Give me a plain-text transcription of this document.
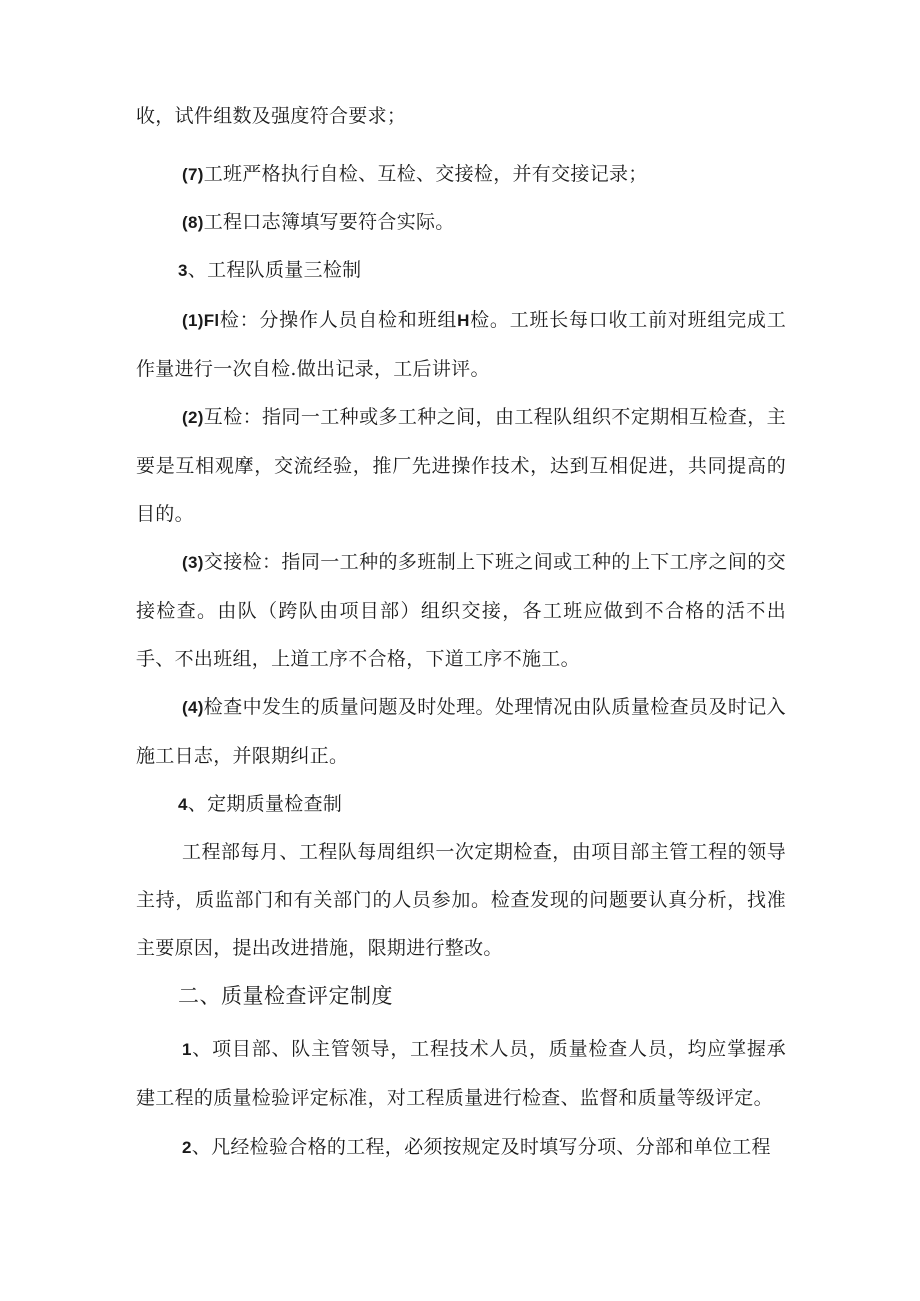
收，试件组数及强度符合要求；

(7)工班严格执行自检、互检、交接检，并有交接记录；

(8)工程口志簿填写要符合实际。

3、工程队质量三检制

(1)Fl检：分操作人员自检和班组H检。工班长每口收工前对班组完成工作量进行一次自检.做出记录，工后讲评。

(2)互检：指同一工种或多工种之间，由工程队组织不定期相互检查，主要是互相观摩，交流经验，推厂先进操作技术，达到互相促进，共同提高的目的。

(3)交接检：指同一工种的多班制上下班之间或工种的上下工序之间的交接检查。由队（跨队由项目部）组织交接，各工班应做到不合格的活不出手、不出班组，上道工序不合格，下道工序不施工。

(4)检查中发生的质量问题及时处理。处理情况由队质量检查员及时记入施工日志，并限期纠正。

4、定期质量检查制

工程部每月、工程队每周组织一次定期检查，由项目部主管工程的领导主持，质监部门和有关部门的人员参加。检查发现的问题要认真分析，找准主要原因，提出改进措施，限期进行整改。

二、质量检查评定制度

1、项目部、队主管领导，工程技术人员，质量检查人员，均应掌握承建工程的质量检验评定标准，对工程质量进行检查、监督和质量等级评定。

2、凡经检验合格的工程，必须按规定及时填写分项、分部和单位工程
